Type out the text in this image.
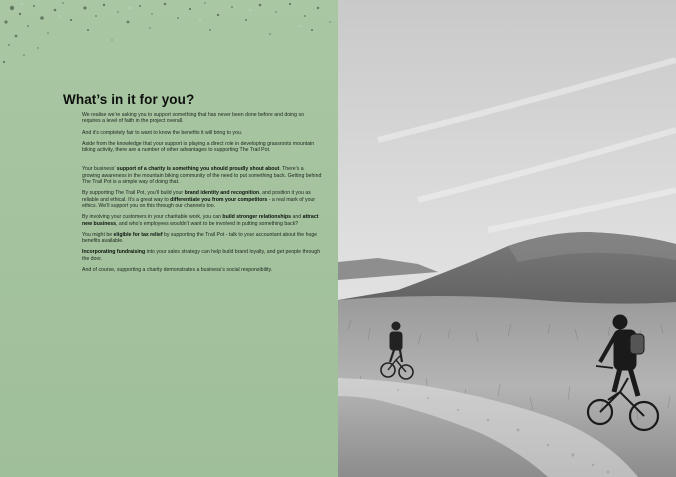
What’s in it for you?

We realise we’re asking you to support something that has never been done before and doing so requires a level of faith in the project overall.

And it’s completely fair to want to know the benefits it will bring to you.

Aside from the knowledge that your support is playing a direct role in developing grassroots mountain biking activity, there are a number of other advantages to supporting The Trail Pot.

Your business’ support of a charity is something you should proudly shout about. There’s a growing awareness in the mountain biking community of the need to put something back. Getting behind The Trail Pot is a simple way of doing that.

By supporting The Trail Pot, you’ll build your brand identity and recognition, and position it you as reliable and ethical. It’s a great way to differentiate you from your competitors - a real mark of your ethics. We’ll support you on this through our channels too.

By involving your customers in your charitable work, you can build stronger relationships and attract new business, and who’s employees wouldn’t want to be involved in putting something back?

You might be eligible for tax relief by supporting the Trail Pot - talk to your accountant about the huge benefits available.

Incorporating fundraising into your sales strategy can help build brand loyalty, and get people through the door.

And of course, supporting a charity demonstrates a business’s social responsibility.
